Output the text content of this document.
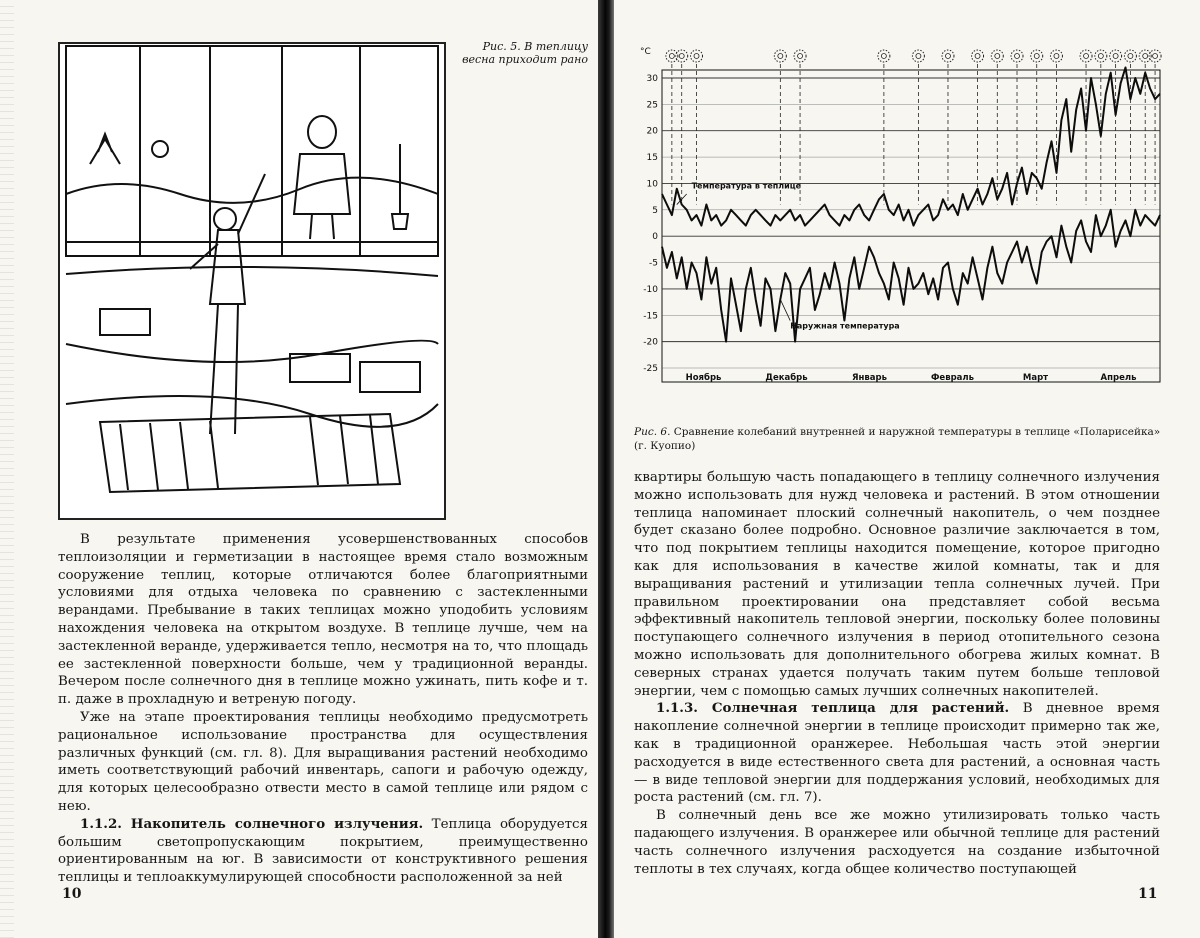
Рис. 5. В теплицу весна приходит рано

В результате применения усовершенствованных способов теплоизоляции и герметизации в настоящее время стало возможным сооружение теплиц, которые отличаются более благоприятными условиями для отдыха человека по сравнению с застекленными верандами. Пребывание в таких теплицах можно уподобить условиям нахождения человека на открытом воздухе. В теплице лучше, чем на застекленной веранде, удерживается тепло, несмотря на то, что площадь ее застекленной поверхности больше, чем у традиционной веранды. Вечером после солнечного дня в теплице можно ужинать, пить кофе и т. п. даже в прохладную и ветреную погоду.

Уже на этапе проектирования теплицы необходимо предусмотреть рациональное использование пространства для осуществления различных функций (см. гл. 8). Для выращивания растений необходимо иметь соответствующий рабочий инвентарь, сапоги и рабочую одежду, для которых целесообразно отвести место в самой теплице или рядом с нею.

1.1.2. Накопитель солнечного излучения. Теплица оборудуется большим светопропускающим покрытием, преимущественно ориентированным на юг. В зависимости от конструктивного решения теплицы и теплоаккумулирующей способности расположенной за ней

10
°C
30
25
20
15
10
5
0
-5
-10
-15
-20
-25
Температура в теплице
Наружная температура
Ноябрь	Декабрь	Январь	Февраль	Март	Апрель
Рис. 6. Сравнение колебаний внутренней и наружной температуры в теплице «Поларисейка» (г. Куопио)

квартиры большую часть попадающего в теплицу солнечного излучения можно использовать для нужд человека и растений. В этом отношении теплица напоминает плоский солнечный накопитель, о чем позднее будет сказано более подробно. Основное различие заключается в том, что под покрытием теплицы находится помещение, которое пригодно как для использования в качестве жилой комнаты, так и для выращивания растений и утилизации тепла солнечных лучей. При правильном проектировании она представляет собой весьма эффективный накопитель тепловой энергии, поскольку более половины поступающего солнечного излучения в период отопительного сезона можно использовать для дополнительного обогрева жилых комнат. В северных странах удается получать таким путем больше тепловой энергии, чем с помощью самых лучших солнечных накопителей.

1.1.3. Солнечная теплица для растений. В дневное время накопление солнечной энергии в теплице происходит примерно так же, как в традиционной оранжерее. Небольшая часть этой энергии расходуется в виде естественного света для растений, а основная часть — в виде тепловой энергии для поддержания условий, необходимых для роста растений (см. гл. 7).

В солнечный день все же можно утилизировать только часть падающего излучения. В оранжерее или обычной теплице для растений часть солнечного излучения расходуется на создание избыточной теплоты в тех случаях, когда общее количество поступающей

11
